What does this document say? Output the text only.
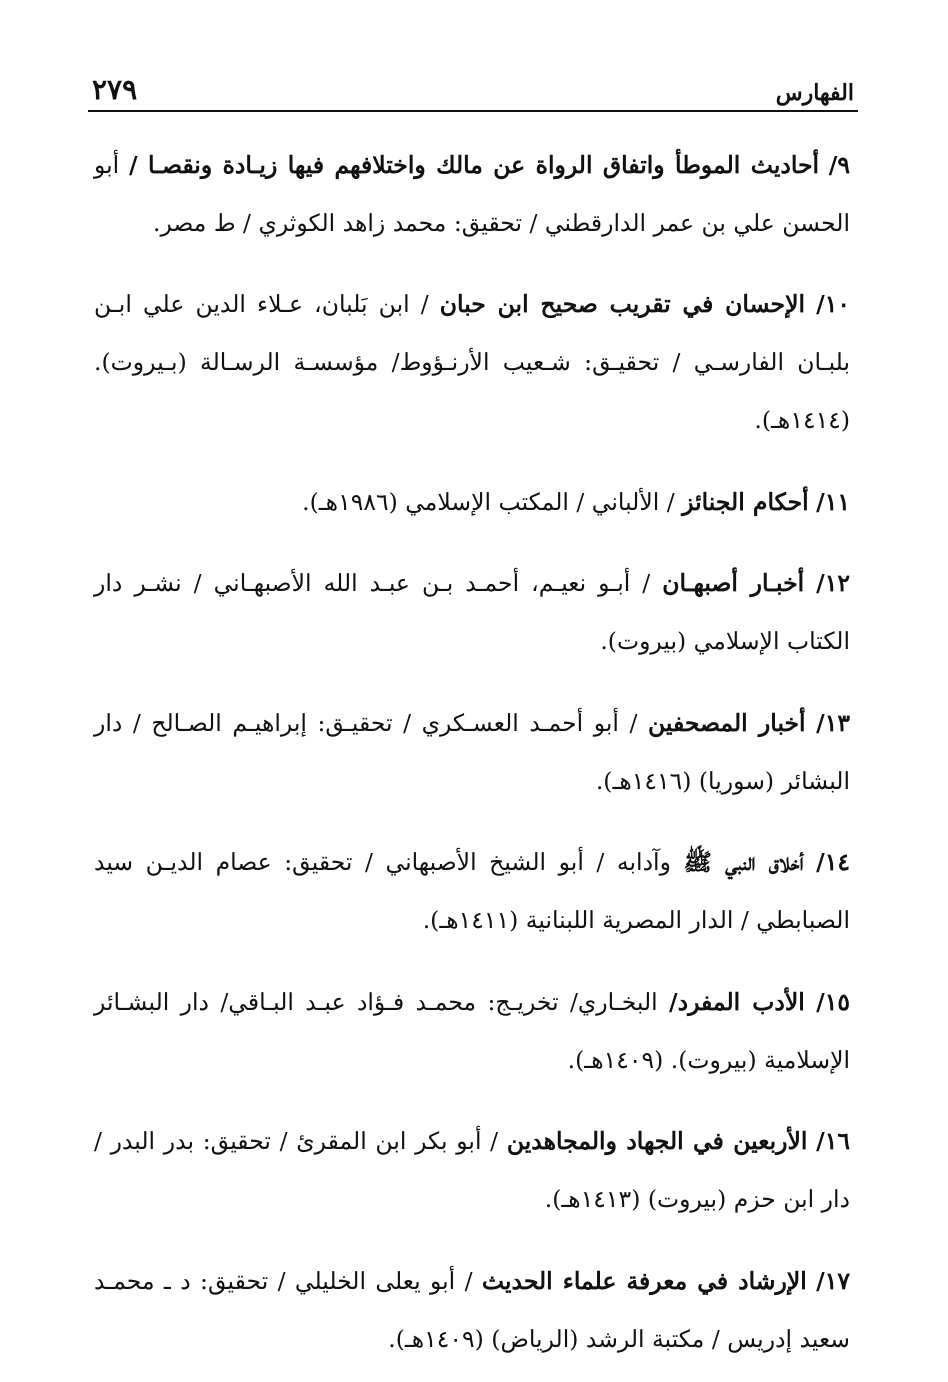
الفهارس
٢٧٩

٩/ أحاديث الموطأ واتفاق الرواة عن مالك واختلافهم فيها زيـادة ونقصـا / أبو الحسن علي بن عمر الدارقطني / تحقيق: محمد زاهد الكوثري / ط مصر.

١٠/ الإحسان في تقريب صحيح ابن حبان / ابن بَلبان، عـلاء الدين علي ابـن بلبـان الفارسـي / تحقيـق: شـعيب الأرنـؤوط/ مؤسسـة الرسـالة (بـيروت). (١٤١٤هـ).

١١/ أحكام الجنائز / الألباني / المكتب الإسلامي (١٩٨٦هـ).

١٢/ أخبـار أصبهـان / أبـو نعيـم، أحمـد بـن عبـد الله الأصبهـاني / نشـر دار الكتاب الإسلامي (بيروت).

١٣/ أخبار المصحفين / أبو أحمـد العسـكري / تحقيـق: إبراهيـم الصـالح / دار البشائر (سوريا) (١٤١٦هـ).

١٤/ أخلاق النبي ﷺ وآدابه / أبو الشيخ الأصبهاني / تحقيق: عصام الديـن سيد الصبابطي / الدار المصرية اللبنانية (١٤١١هـ).

١٥/ الأدب المفرد/ البخـاري/ تخريـج: محمـد فـؤاد عبـد البـاقي/ دار البشـائر الإسلامية (بيروت). (١٤٠٩هـ).

١٦/ الأربعين في الجهاد والمجاهدين / أبو بكر ابن المقرئ / تحقيق: بدر البدر / دار ابن حزم (بيروت) (١٤١٣هـ).

١٧/ الإرشاد في معرفة علماء الحديث / أبو يعلى الخليلي / تحقيق: د ـ محمـد سعيد إدريس / مكتبة الرشد (الرياض) (١٤٠٩هـ).
